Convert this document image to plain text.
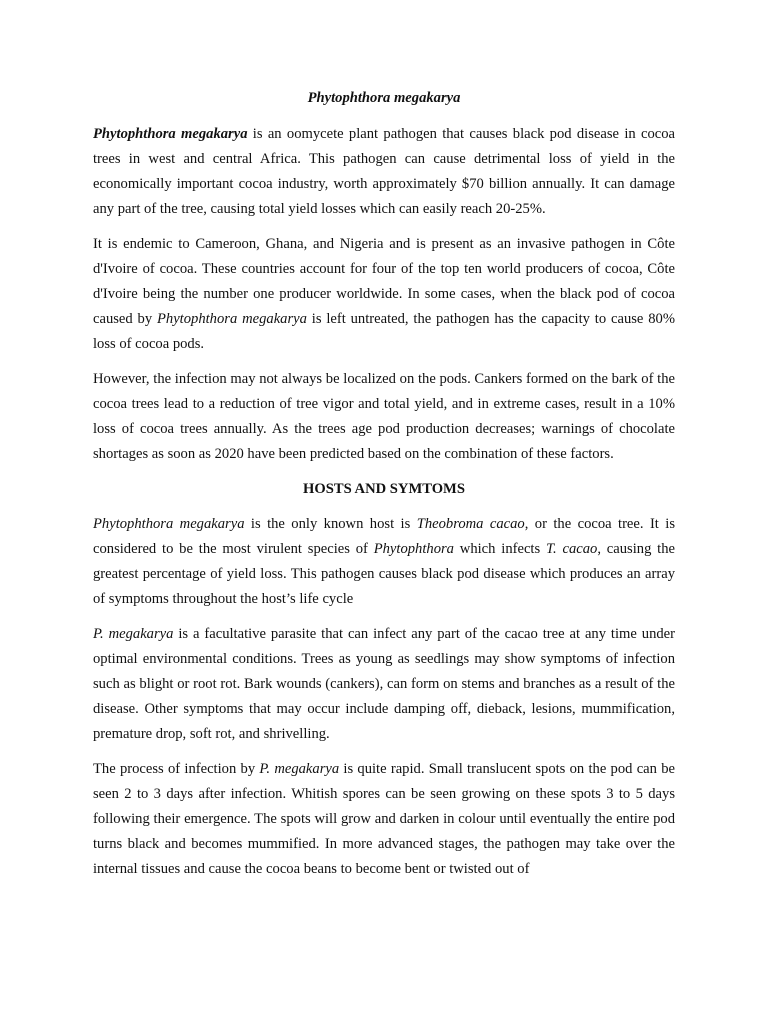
Phytophthora megakarya

Phytophthora megakarya is an oomycete plant pathogen that causes black pod disease in cocoa trees in west and central Africa. This pathogen can cause detrimental loss of yield in the economically important cocoa industry, worth approximately $70 billion annually. It can damage any part of the tree, causing total yield losses which can easily reach 20-25%.

It is endemic to Cameroon, Ghana, and Nigeria and is present as an invasive pathogen in Côte d'Ivoire of cocoa. These countries account for four of the top ten world producers of cocoa, Côte d'Ivoire being the number one producer worldwide. In some cases, when the black pod of cocoa caused by Phytophthora megakarya is left untreated, the pathogen has the capacity to cause 80% loss of cocoa pods.

However, the infection may not always be localized on the pods. Cankers formed on the bark of the cocoa trees lead to a reduction of tree vigor and total yield, and in extreme cases, result in a 10% loss of cocoa trees annually. As the trees age pod production decreases; warnings of chocolate shortages as soon as 2020 have been predicted based on the combination of these factors.

HOSTS AND SYMTOMS

Phytophthora megakarya is the only known host is Theobroma cacao, or the cocoa tree. It is considered to be the most virulent species of Phytophthora which infects T. cacao, causing the greatest percentage of yield loss. This pathogen causes black pod disease which produces an array of symptoms throughout the host’s life cycle

P. megakarya is a facultative parasite that can infect any part of the cacao tree at any time under optimal environmental conditions. Trees as young as seedlings may show symptoms of infection such as blight or root rot. Bark wounds (cankers), can form on stems and branches as a result of the disease. Other symptoms that may occur include damping off, dieback, lesions, mummification, premature drop, soft rot, and shrivelling.

The process of infection by P. megakarya is quite rapid. Small translucent spots on the pod can be seen 2 to 3 days after infection. Whitish spores can be seen growing on these spots 3 to 5 days following their emergence. The spots will grow and darken in colour until eventually the entire pod turns black and becomes mummified. In more advanced stages, the pathogen may take over the internal tissues and cause the cocoa beans to become bent or twisted out of
